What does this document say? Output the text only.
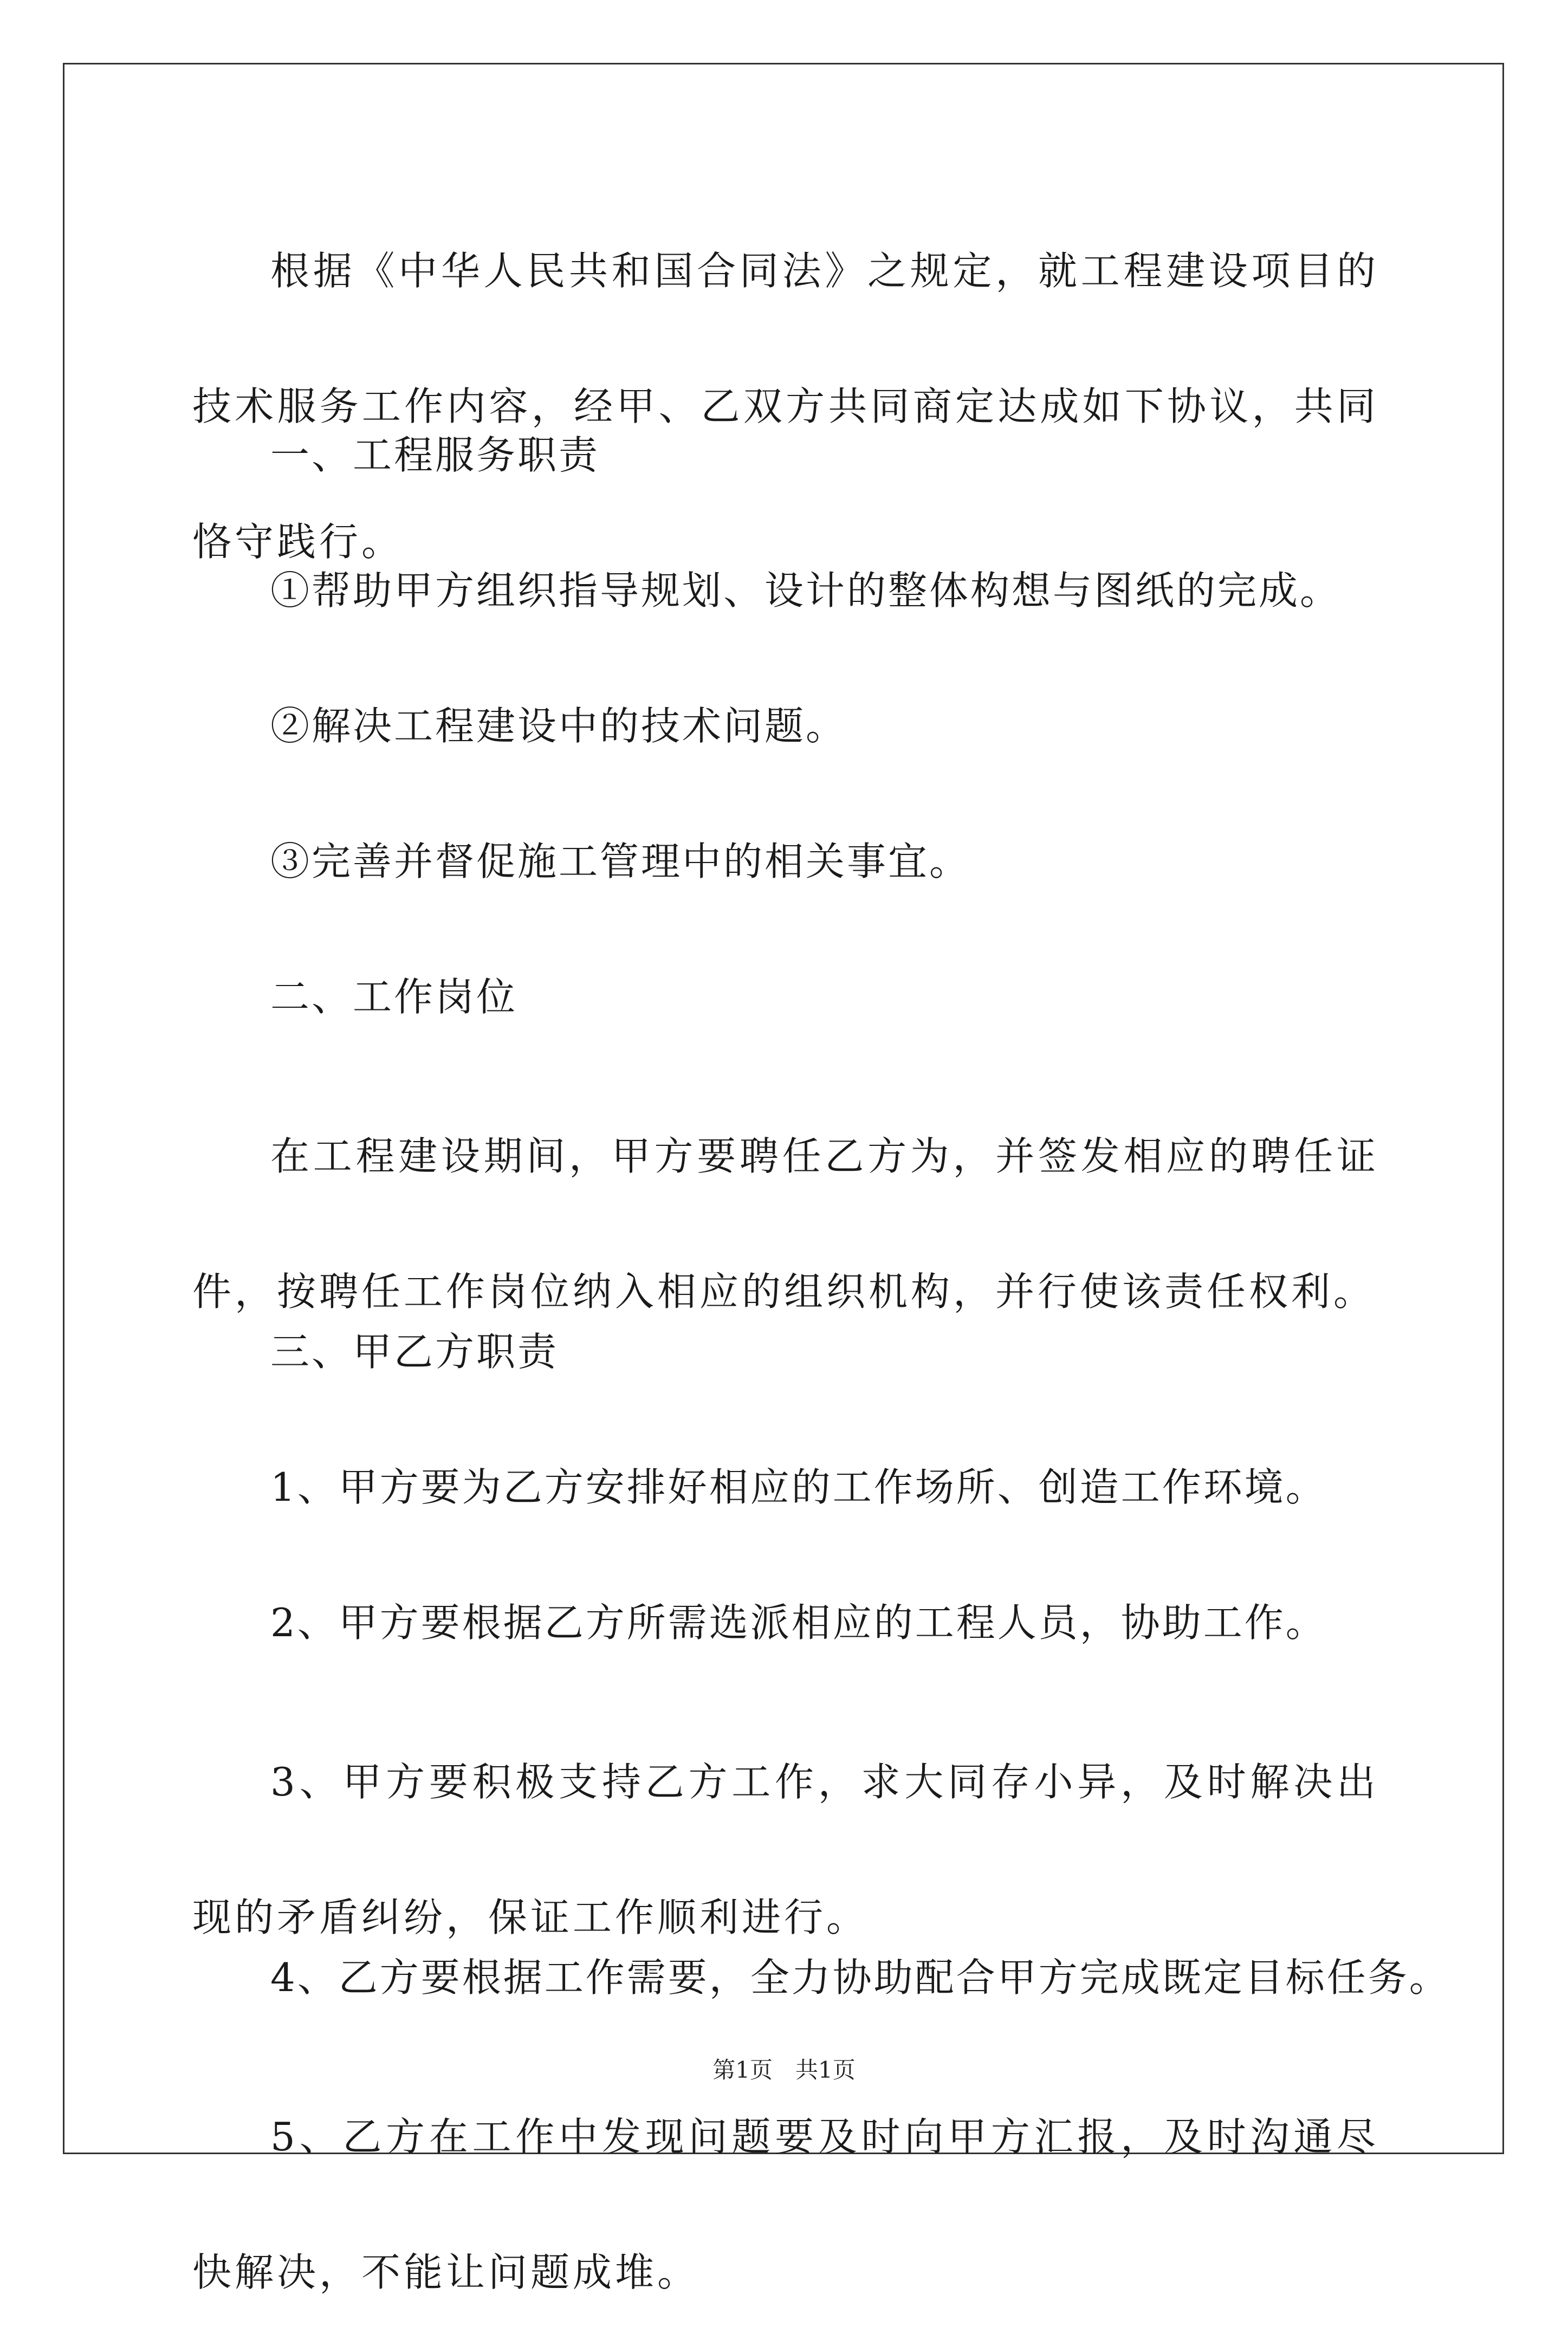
根据《中华人民共和国合同法》之规定，就工程建设项目的技术服务工作内容，经甲、乙双方共同商定达成如下协议，共同恪守践行。
一、工程服务职责
①帮助甲方组织指导规划、设计的整体构想与图纸的完成。
②解决工程建设中的技术问题。
③完善并督促施工管理中的相关事宜。
二、工作岗位
在工程建设期间，甲方要聘任乙方为，并签发相应的聘任证件，按聘任工作岗位纳入相应的组织机构，并行使该责任权利。
三、甲乙方职责
1、甲方要为乙方安排好相应的工作场所、创造工作环境。
2、甲方要根据乙方所需选派相应的工程人员，协助工作。
3、甲方要积极支持乙方工作，求大同存小异，及时解决出现的矛盾纠纷，保证工作顺利进行。
4、乙方要根据工作需要，全力协助配合甲方完成既定目标任务。
5、乙方在工作中发现问题要及时向甲方汇报，及时沟通尽快解决，不能让问题成堆。
第1页　共1页
